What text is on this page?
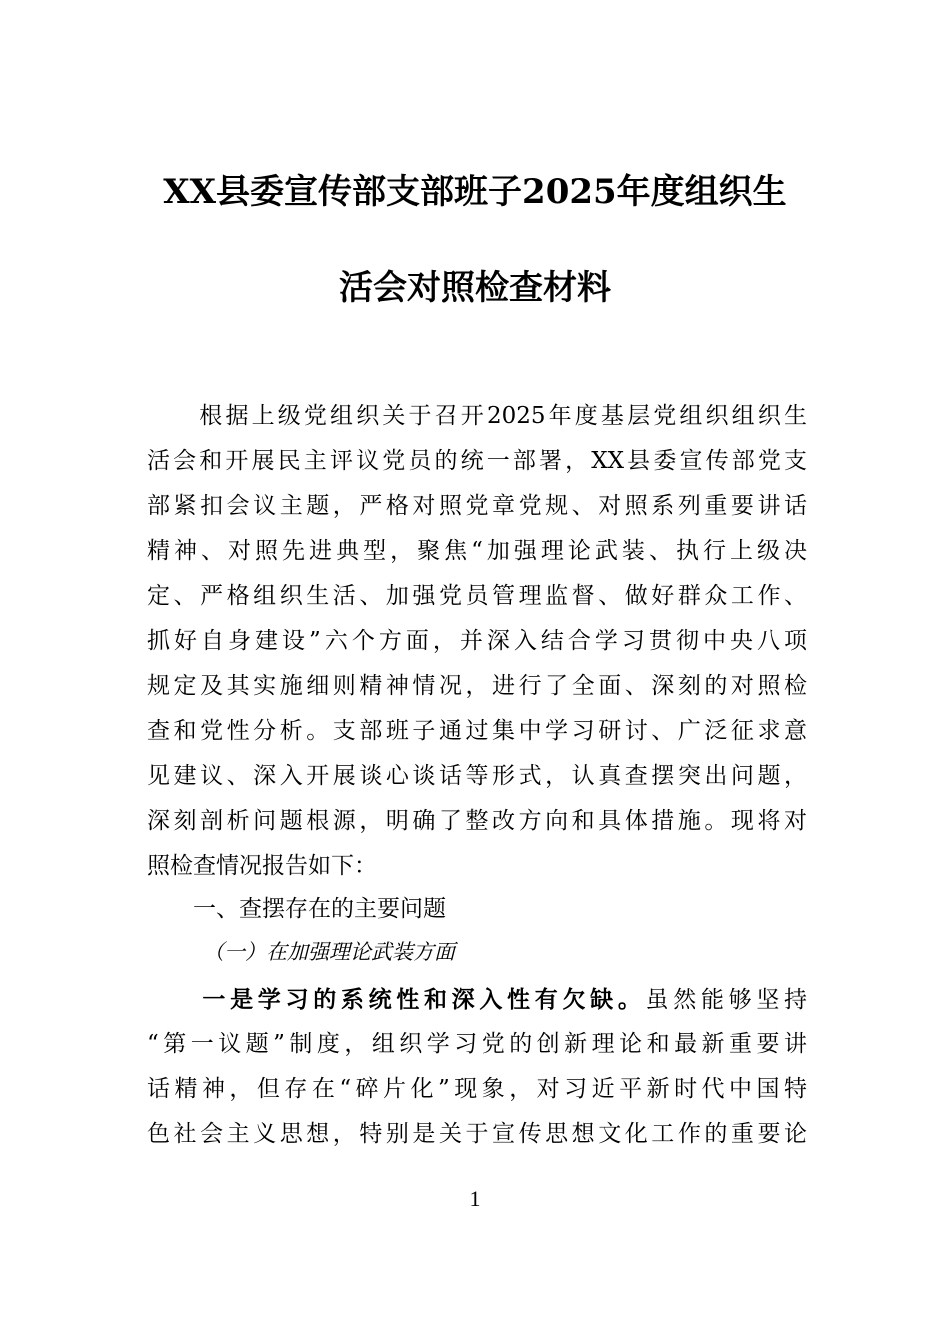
XX县委宣传部支部班子2025年度组织生
活会对照检查材料
　　根据上级党组织关于召开2025年度基层党组织组织生
活会和开展民主评议党员的统一部署，XX县委宣传部党支
部紧扣会议主题，严格对照党章党规、对照系列重要讲话
精神、对照先进典型，聚焦“加强理论武装、执行上级决
定、严格组织生活、加强党员管理监督、做好群众工作、
抓好自身建设”六个方面，并深入结合学习贯彻中央八项
规定及其实施细则精神情况，进行了全面、深刻的对照检
查和党性分析。支部班子通过集中学习研讨、广泛征求意
见建议、深入开展谈心谈话等形式，认真查摆突出问题，
深刻剖析问题根源，明确了整改方向和具体措施。现将对
照检查情况报告如下：
一、查摆存在的主要问题
（一）在加强理论武装方面
　　一是学习的系统性和深入性有欠缺。虽然能够坚持
“第一议题”制度，组织学习党的创新理论和最新重要讲
话精神，但存在“碎片化”现象，对习近平新时代中国特
色社会主义思想，特别是关于宣传思想文化工作的重要论
1
